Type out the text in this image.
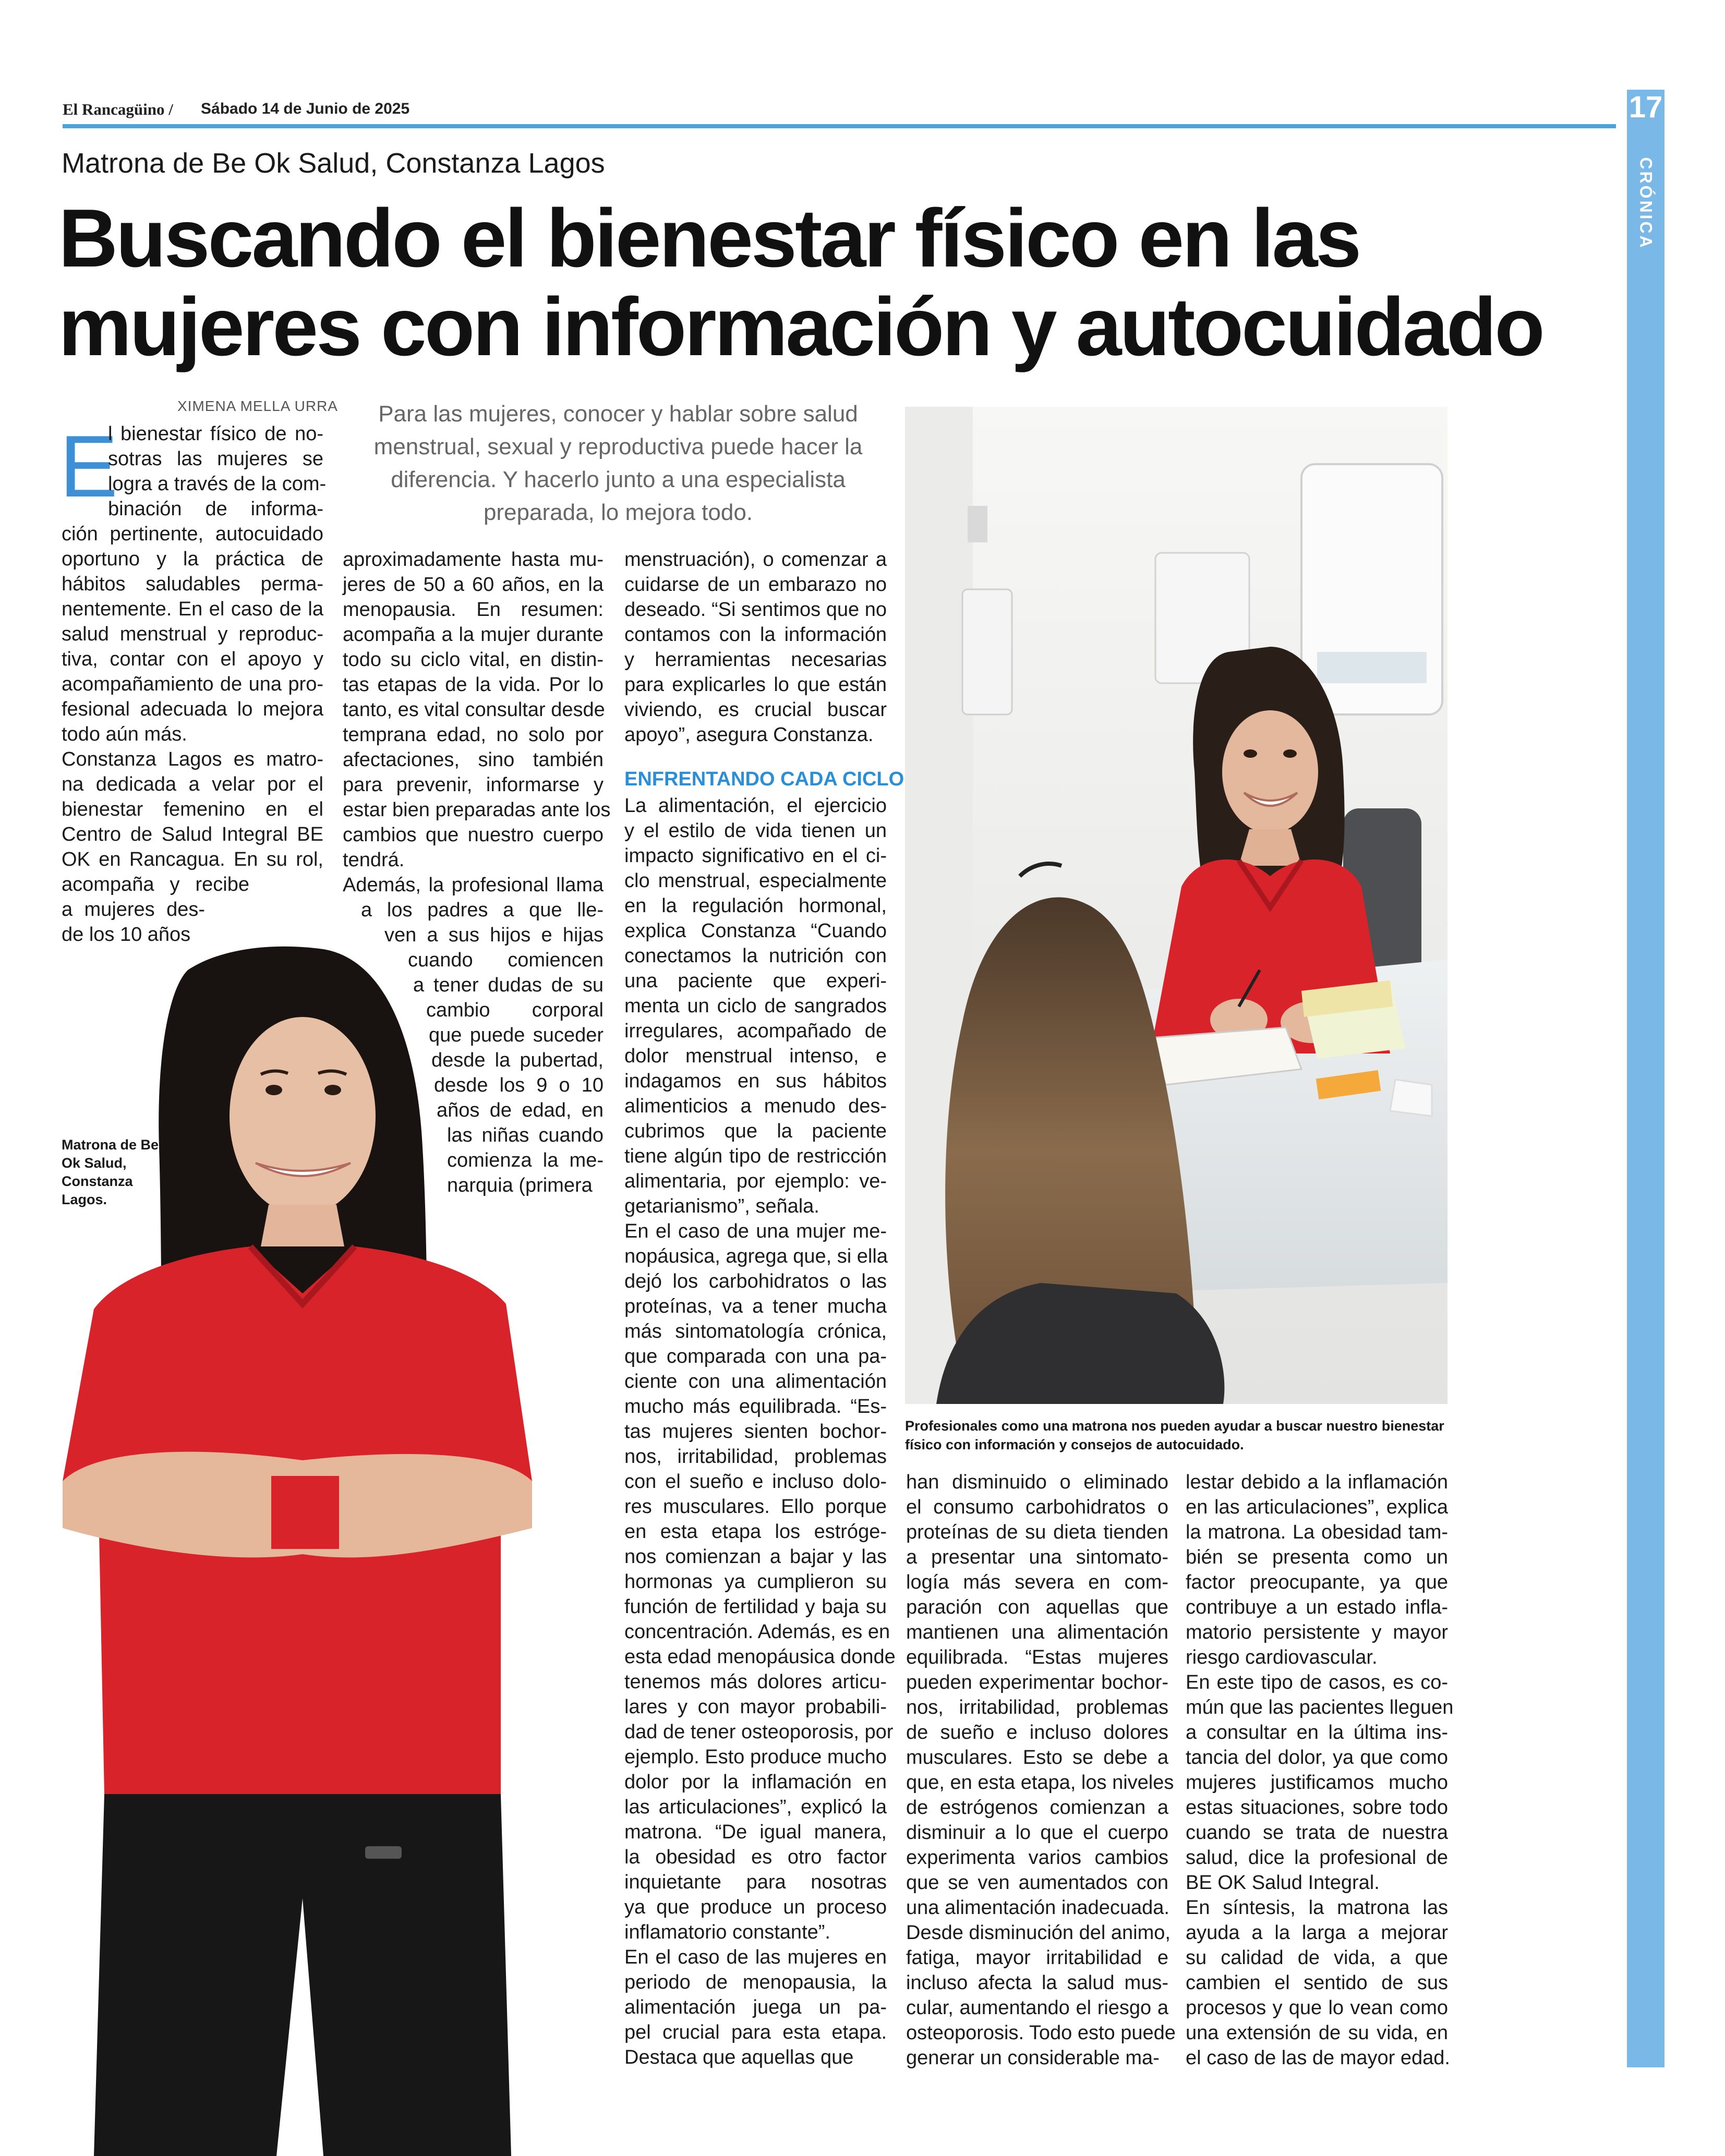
El Rancagüino / Sábado 14 de Junio de 2025	17
CRÓNICA
Matrona de Be Ok Salud, Constanza Lagos
Buscando el bienestar físico en las
mujeres con información y autocuidado
XIMENA MELLA URRA	Para las mujeres, conocer y hablar sobre salud menstrual, sexual y reproductiva puede hacer la diferencia. Y hacerlo junto a una especialista preparada, lo mejora todo.
E
l bienestar físico de no-
sotras las mujeres se
logra a través de la com-
binación de informa-
ción pertinente, autocuidado
oportuno y la práctica de
hábitos saludables perma-
nentemente. En el caso de la
salud menstrual y reproduc-
tiva, contar con el apoyo y
acompañamiento de una pro-
fesional adecuada lo mejora
todo aún más.
Constanza Lagos es matro-
na dedicada a velar por el
bienestar femenino en el
Centro de Salud Integral BE
OK en Rancagua. En su rol,
acompaña y recibe
a mujeres des-
de los 10 años
aproximadamente hasta mu-
jeres de 50 a 60 años, en la
menopausia. En resumen:
acompaña a la mujer durante
todo su ciclo vital, en distin-
tas etapas de la vida. Por lo
tanto, es vital consultar desde
temprana edad, no solo por
afectaciones, sino también
para prevenir, informarse y
estar bien preparadas ante los
cambios que nuestro cuerpo
tendrá.
Además, la profesional llama
a los padres a que lle-
ven a sus hijos e hijas
cuando comiencen
a tener dudas de su
cambio corporal
que puede suceder
desde la pubertad,
desde los 9 o 10
años de edad, en
las niñas cuando
comienza la me-
narquia (primera
menstruación), o comenzar a
cuidarse de un embarazo no
deseado. “Si sentimos que no
contamos con la información
y herramientas necesarias
para explicarles lo que están
viviendo, es crucial buscar
apoyo”, asegura Constanza.
ENFRENTANDO CADA CICLO
La alimentación, el ejercicio
y el estilo de vida tienen un
impacto significativo en el ci-
clo menstrual, especialmente
en la regulación hormonal,
explica Constanza “Cuando
conectamos la nutrición con
una paciente que experi-
menta un ciclo de sangrados
irregulares, acompañado de
dolor menstrual intenso, e
indagamos en sus hábitos
alimenticios a menudo des-
cubrimos que la paciente
tiene algún tipo de restricción
alimentaria, por ejemplo: ve-
getarianismo”, señala.
En el caso de una mujer me-
nopáusica, agrega que, si ella
dejó los carbohidratos o las
proteínas, va a tener mucha
más sintomatología crónica,
que comparada con una pa-
ciente con una alimentación
mucho más equilibrada. “Es-
tas mujeres sienten bochor-
nos, irritabilidad, problemas
con el sueño e incluso dolo-
res musculares. Ello porque
en esta etapa los estróge-
nos comienzan a bajar y las
hormonas ya cumplieron su
función de fertilidad y baja su
concentración. Además, es en
esta edad menopáusica donde
tenemos más dolores articu-
lares y con mayor probabili-
dad de tener osteoporosis, por
ejemplo. Esto produce mucho
dolor por la inflamación en
las articulaciones”, explicó la
matrona. “De igual manera,
la obesidad es otro factor
inquietante para nosotras
ya que produce un proceso
inflamatorio constante”.
En el caso de las mujeres en
periodo de menopausia, la
alimentación juega un pa-
pel crucial para esta etapa.
Destaca que aquellas que
han disminuido o eliminado
el consumo carbohidratos o
proteínas de su dieta tienden
a presentar una sintomato-
logía más severa en com-
paración con aquellas que
mantienen una alimentación
equilibrada. “Estas mujeres
pueden experimentar bochor-
nos, irritabilidad, problemas
de sueño e incluso dolores
musculares. Esto se debe a
que, en esta etapa, los niveles
de estrógenos comienzan a
disminuir a lo que el cuerpo
experimenta varios cambios
que se ven aumentados con
una alimentación inadecuada.
Desde disminución del animo,
fatiga, mayor irritabilidad e
incluso afecta la salud mus-
cular, aumentando el riesgo a
osteoporosis. Todo esto puede
generar un considerable ma-
lestar debido a la inflamación
en las articulaciones”, explica
la matrona. La obesidad tam-
bién se presenta como un
factor preocupante, ya que
contribuye a un estado infla-
matorio persistente y mayor
riesgo cardiovascular.
En este tipo de casos, es co-
mún que las pacientes lleguen
a consultar en la última ins-
tancia del dolor, ya que como
mujeres justificamos mucho
estas situaciones, sobre todo
cuando se trata de nuestra
salud, dice la profesional de
BE OK Salud Integral.
En síntesis, la matrona las
ayuda a la larga a mejorar
su calidad de vida, a que
cambien el sentido de sus
procesos y que lo vean como
una extensión de su vida, en
el caso de las de mayor edad.
Matrona de Be Ok Salud, Constanza Lagos.
Profesionales como una matrona nos pueden ayudar a buscar nuestro bienestar físico con información y consejos de autocuidado.
